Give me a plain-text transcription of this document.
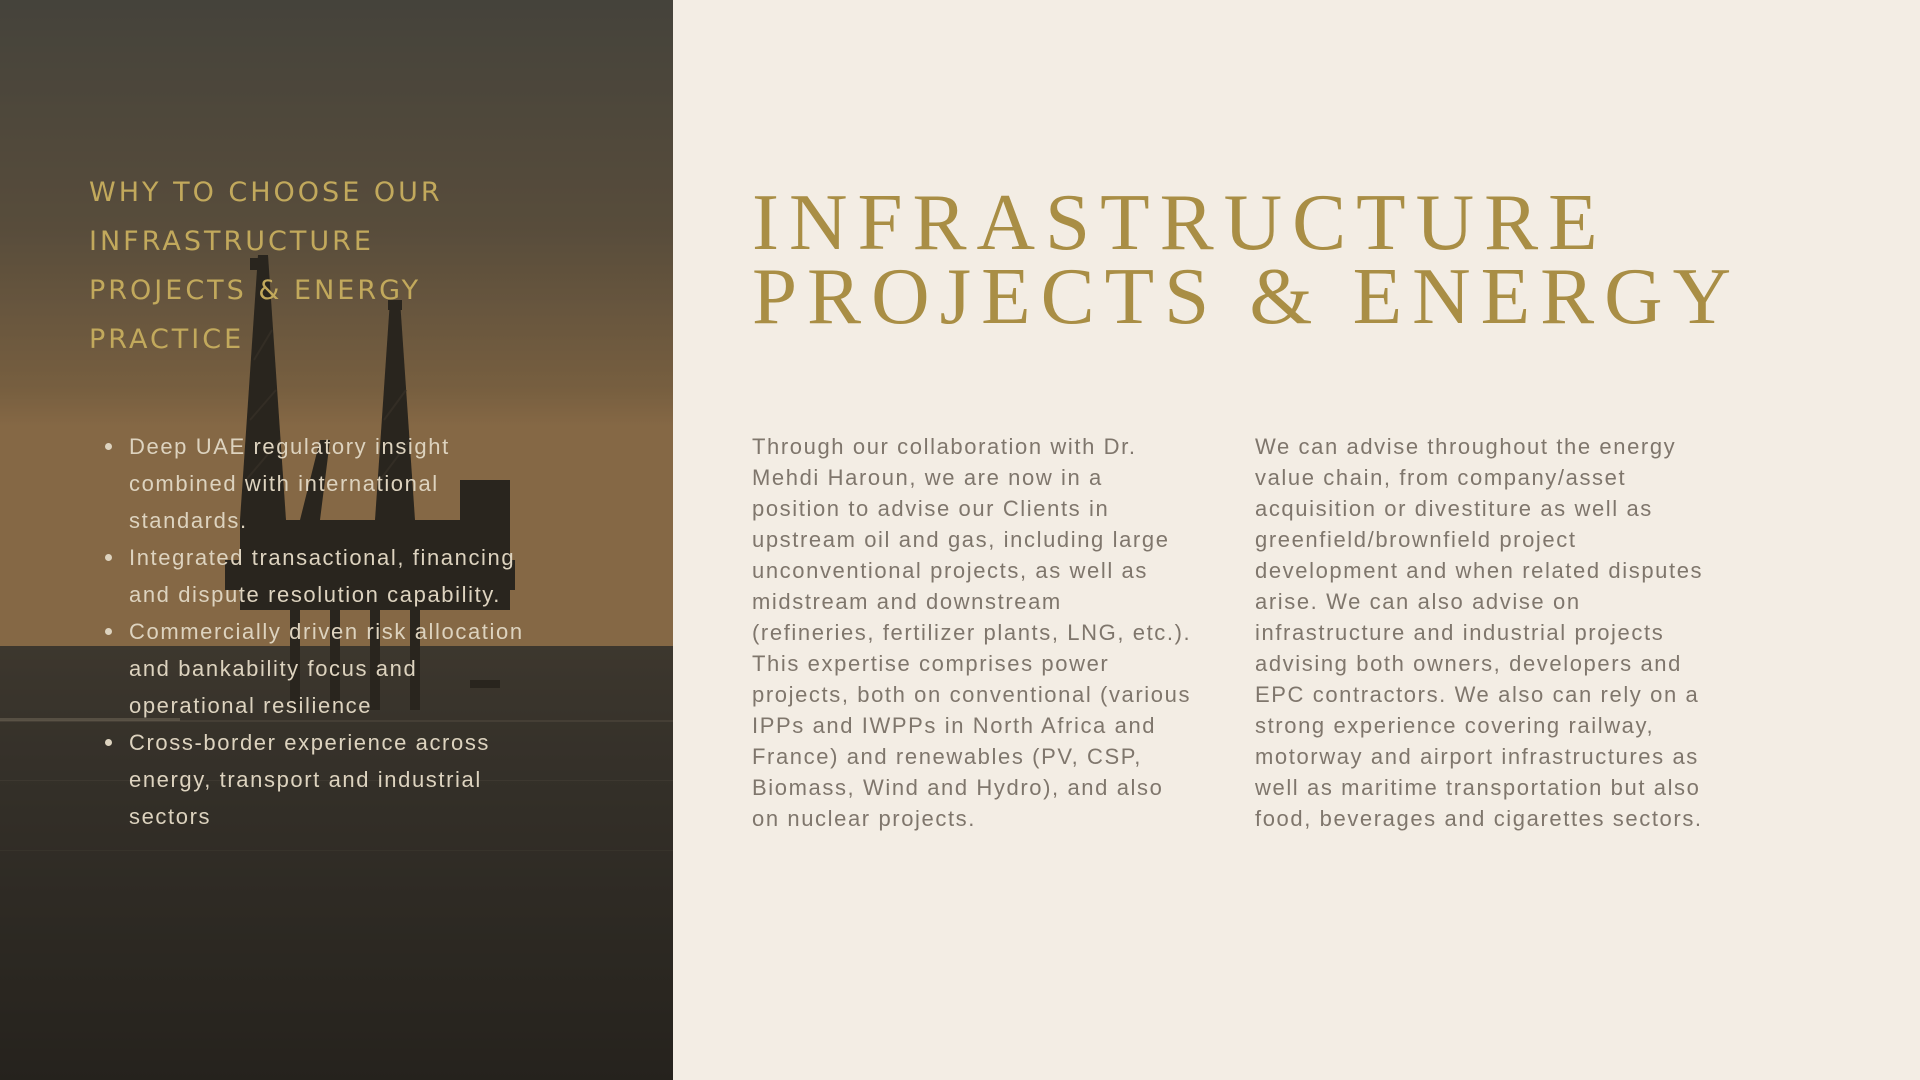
WHY TO CHOOSE OUR INFRASTRUCTURE PROJECTS & ENERGY PRACTICE
Deep UAE regulatory insight combined with international standards.
Integrated transactional, financing and dispute resolution capability.
Commercially driven risk allocation and bankability focus and operational resilience
Cross-border experience across energy, transport and industrial sectors
INFRASTRUCTURE
PROJECTS & ENERGY

Through our collaboration with Dr. Mehdi Haroun, we are now in a position to advise our Clients in upstream oil and gas, including large unconventional projects, as well as midstream and downstream (refineries, fertilizer plants, LNG, etc.). This expertise comprises power projects, both on conventional (various IPPs and IWPPs in North Africa and France) and renewables (PV, CSP, Biomass, Wind and Hydro), and also on nuclear projects.

We can advise throughout the energy value chain, from company/asset acquisition or divestiture as well as greenfield/brownfield project development and when related disputes arise. We can also advise on infrastructure and industrial projects advising both owners, developers and EPC contractors. We also can rely on a strong experience covering railway, motorway and airport infrastructures as well as maritime transportation but also food, beverages and cigarettes sectors.
